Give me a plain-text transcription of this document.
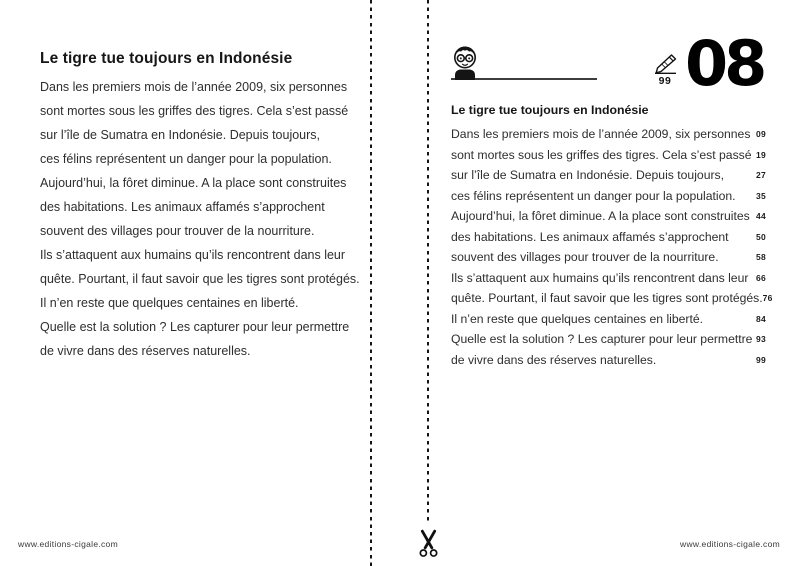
Le tigre tue toujours en Indonésie
Dans les premiers mois de l’année 2009, six personnes
sont mortes sous les griffes des tigres. Cela s’est passé
sur l’île de Sumatra en Indonésie. Depuis toujours,
ces félins représentent un danger pour la population.
Aujourd’hui, la fôret diminue. A la place sont construites
des habitations. Les animaux affamés s’approchent
souvent des villages pour trouver de la nourriture.
Ils s’attaquent aux humains qu’ils rencontrent dans leur
quête. Pourtant, il faut savoir que les tigres sont protégés.
Il n’en reste que quelques centaines en liberté.
Quelle est la solution ? Les capturer pour leur permettre
de vivre dans des réserves naturelles.
www.editions-cigale.com
99 08
Le tigre tue toujours en Indonésie
Dans les premiers mois de l’année 2009, six personnes 09
sont mortes sous les griffes des tigres. Cela s’est passé 19
sur l’île de Sumatra en Indonésie. Depuis toujours,	27
ces félins représentent un danger pour la population. 35
Aujourd’hui, la fôret diminue. A la place sont construites 44
des habitations. Les animaux affamés s’approchent	50
souvent des villages pour trouver de la nourriture.	58
Ils s’attaquent aux humains qu’ils rencontrent dans leur 66
quête. Pourtant, il faut savoir que les tigres sont protégés. 76
Il n’en reste que quelques centaines en liberté.	84
Quelle est la solution ? Les capturer pour leur permettre 93
de vivre dans des réserves naturelles.	99
www.editions-cigale.com
